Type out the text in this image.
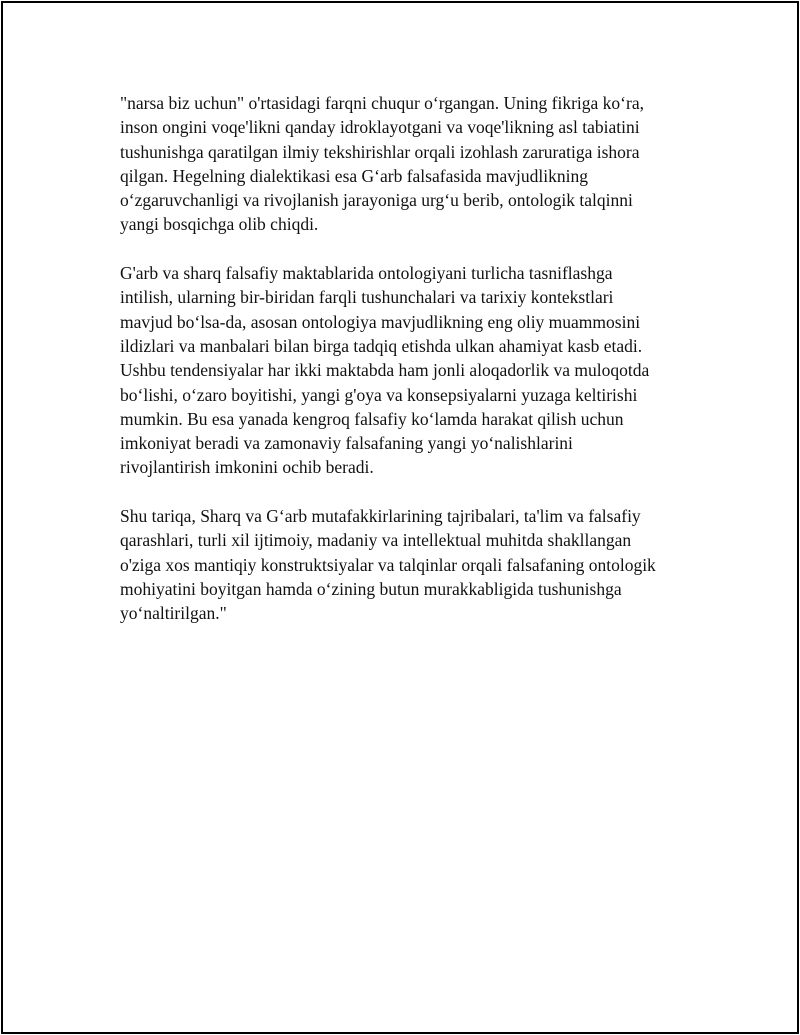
"narsa biz uchun" o'rtasidagi farqni chuqur o‘rgangan. Uning fikriga ko‘ra,
inson ongini voqe'likni qanday idroklayotgani va voqe'likning asl tabiatini
tushunishga qaratilgan ilmiy tekshirishlar orqali izohlash zaruratiga ishora
qilgan. Hegelning dialektikasi esa G‘arb falsafasida mavjudlikning
o‘zgaruvchanligi va rivojlanish jarayoniga urg‘u berib, ontologik talqinni
yangi bosqichga olib chiqdi.

G'arb va sharq falsafiy maktablarida ontologiyani turlicha tasniflashga
intilish, ularning bir-biridan farqli tushunchalari va tarixiy kontekstlari
mavjud bo‘lsa-da, asosan ontologiya mavjudlikning eng oliy muammosini
ildizlari va manbalari bilan birga tadqiq etishda ulkan ahamiyat kasb etadi.
Ushbu tendensiyalar har ikki maktabda ham jonli aloqadorlik va muloqotda
bo‘lishi, o‘zaro boyitishi, yangi g'oya va konsepsiyalarni yuzaga keltirishi
mumkin. Bu esa yanada kengroq falsafiy ko‘lamda harakat qilish uchun
imkoniyat beradi va zamonaviy falsafaning yangi yo‘nalishlarini
rivojlantirish imkonini ochib beradi.

Shu tariqa, Sharq va G‘arb mutafakkirlarining tajribalari, ta'lim va falsafiy
qarashlari, turli xil ijtimoiy, madaniy va intellektual muhitda shakllangan
o'ziga xos mantiqiy konstruktsiyalar va talqinlar orqali falsafaning ontologik
mohiyatini boyitgan hamda o‘zining butun murakkabligida tushunishga
yo‘naltirilgan."
